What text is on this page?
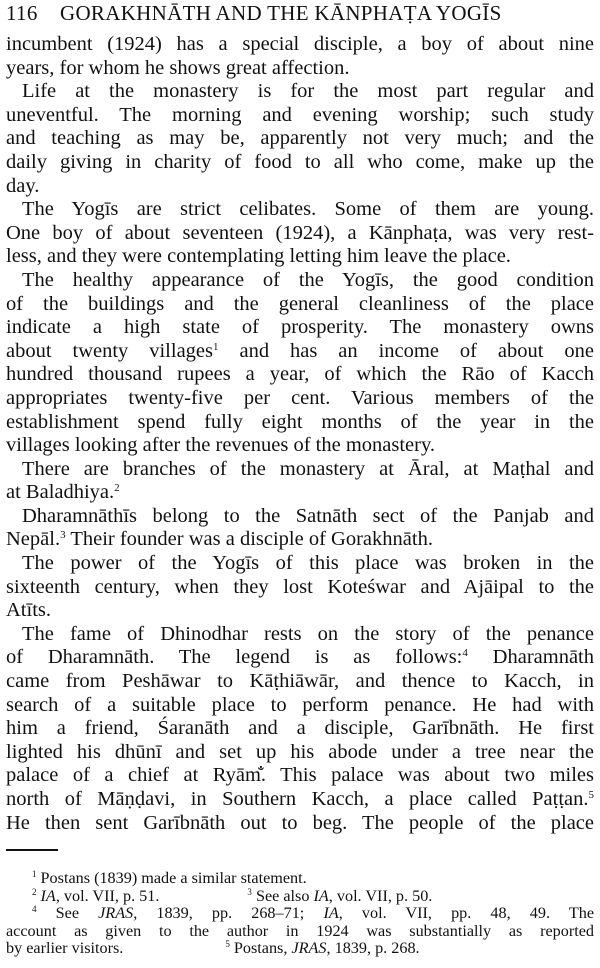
116 GORAKHNĀTH AND THE KĀNPHAṬA YOGĪS
incumbent (1924) has a special disciple, a boy of about nine
years, for whom he shows great affection.
Life at the monastery is for the most part regular and
uneventful. The morning and evening worship; such study
and teaching as may be, apparently not very much; and the
daily giving in charity of food to all who come, make up the
day.
The Yogīs are strict celibates. Some of them are young.
One boy of about seventeen (1924), a Kānphaṭa, was very rest-
less, and they were contemplating letting him leave the place.
The healthy appearance of the Yogīs, the good condition
of the buildings and the general cleanliness of the place
indicate a high state of prosperity. The monastery owns
about twenty villages$^1$ and has an income of about one
hundred thousand rupees a year, of which the Rāo of Kacch
appropriates twenty-five per cent. Various members of the
establishment spend fully eight months of the year in the
villages looking after the revenues of the monastery.
There are branches of the monastery at Āral, at Maṭhal and
at Baladhiya.$^2$
Dharamnāthīs belong to the Satnāth sect of the Panjab and
Nepāl.$^3$ Their founder was a disciple of Gorakhnāth.
The power of the Yogīs of this place was broken in the
sixteenth century, when they lost Koteśwar and Ajāipal to the
Atīts.
The fame of Dhinodhar rests on the story of the penance
of Dharamnāth. The legend is as follows:$^4$ Dharamnāth
came from Peshāwar to Kāṭhiāwār, and thence to Kacch, in
search of a suitable place to perform penance. He had with
him a friend, Śaranāth and a disciple, Garībnāth. He first
lighted his dhūnī and set up his abode under a tree near the
palace of a chief at Ryām̐. This palace was about two miles
north of Māṇḍavi, in Southern Kacch, a place called Paṭṭan.$^5$
He then sent Garībnāth out to beg. The people of the place
$^1$ Postans (1839) made a similar statement.
$^2$ IA, vol. VII, p. 51.	$^3$ See also IA, vol. VII, p. 50.
$^4$ See JRAS, 1839, pp. 268–71; IA, vol. VII, pp. 48, 49. The
account as given to the author in 1924 was substantially as reported
by earlier visitors.	$^5$ Postans, JRAS, 1839, p. 268.
